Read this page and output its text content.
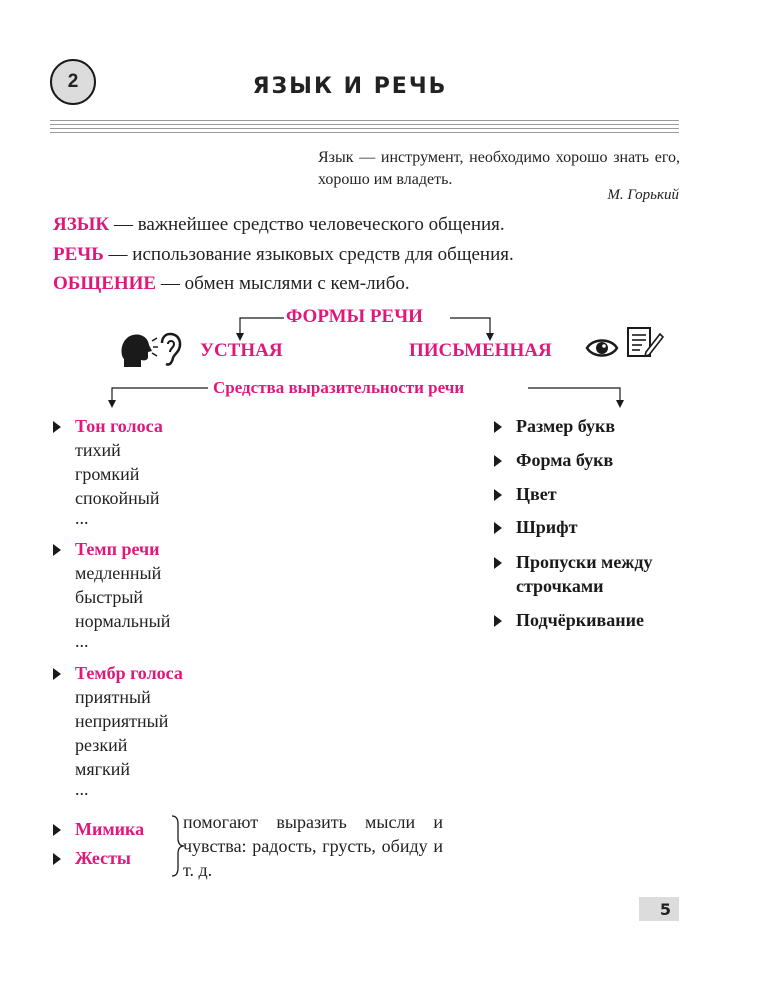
2	ЯЗЫК И РЕЧЬ
Язык — инструмент, необходимо хорошо знать его, хорошо им владеть.
М. Горький
ЯЗЫК — важнейшее средство человеческого общения.
РЕЧЬ — использование языковых средств для общения.
ОБЩЕНИЕ — обмен мыслями с кем-либо.
ФОРМЫ РЕЧИ
УСТНАЯ	ПИСЬМЕННАЯ
Средства выразительности речи
Тон голоса
тихий
громкий
спокойный
...
Темп речи
медленный
быстрый
нормальный
...
Тембр голоса
приятный
неприятный
резкий
мягкий
...
Мимика
Жесты
помогают выразить мысли и чувства: радость, грусть, обиду и т. д.
Размер букв
Форма букв
Цвет
Шрифт
Пропуски между строчками
Подчёркивание
5
